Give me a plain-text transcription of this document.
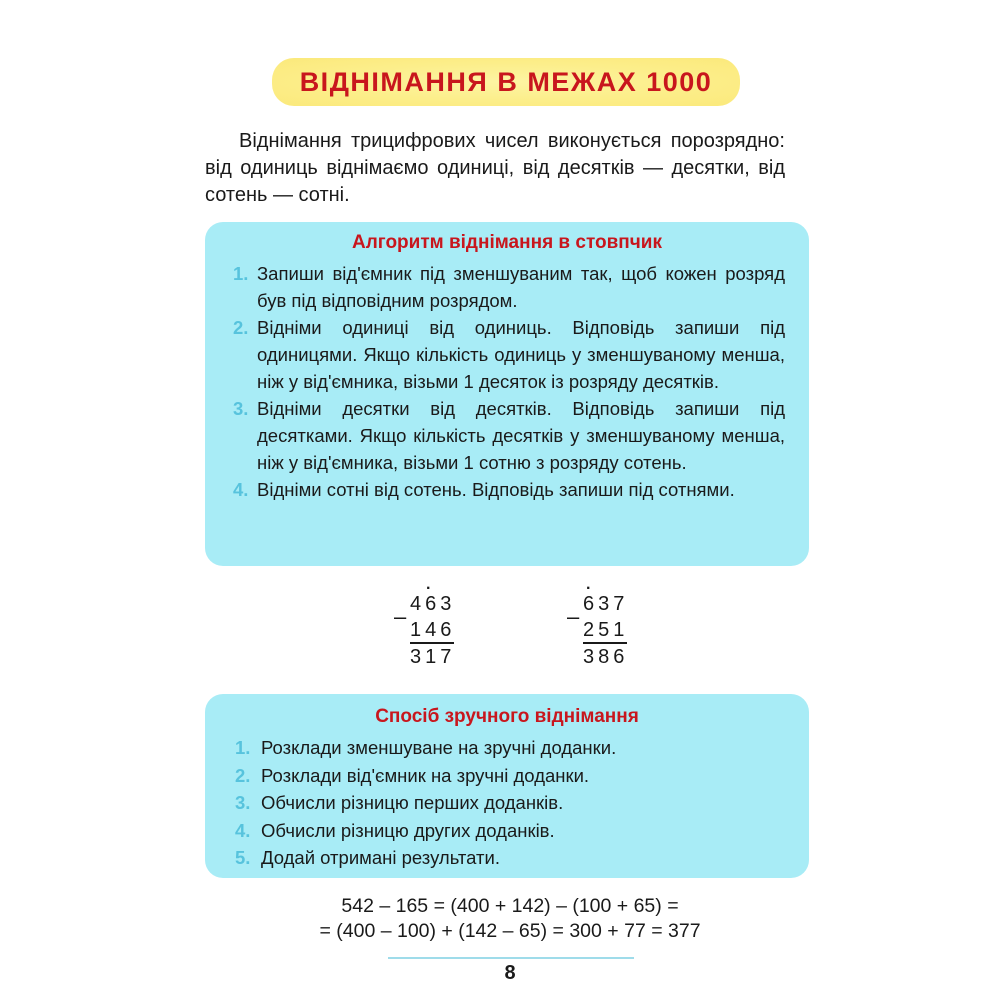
ВІДНІМАННЯ В МЕЖАХ 1000

Віднімання трицифрових чисел виконується порозрядно: від одиниць віднімаємо одиниці, від десятків — десятки, від сотень — сотні.

Алгоритм віднімання в стовпчик
1. Запиши від'ємник під зменшуваним так, щоб кожен розряд був під відповідним розрядом.
2. Відніми одиниці від одиниць. Відповідь запиши під одиницями. Якщо кількість одиниць у зменшуваному менша, ніж у від'ємника, візьми 1 десяток із розряду десятків.
3. Відніми десятки від десятків. Відповідь запиши під десятками. Якщо кількість десятків у зменшуваному менша, ніж у від'ємника, візьми 1 сотню з розряду сотень.
4. Відніми сотні від сотень. Відповідь запиши під сотнями.
·
– 463
146
317
·
– 637
251
386
Спосіб зручного віднімання
1. Розклади зменшуване на зручні доданки.
2. Розклади від'ємник на зручні доданки.
3. Обчисли різницю перших доданків.
4. Обчисли різницю других доданків.
5. Додай отримані результати.
542 – 165 = (400 + 142) – (100 + 65) =
= (400 – 100) + (142 – 65) = 300 + 77 = 377
8
